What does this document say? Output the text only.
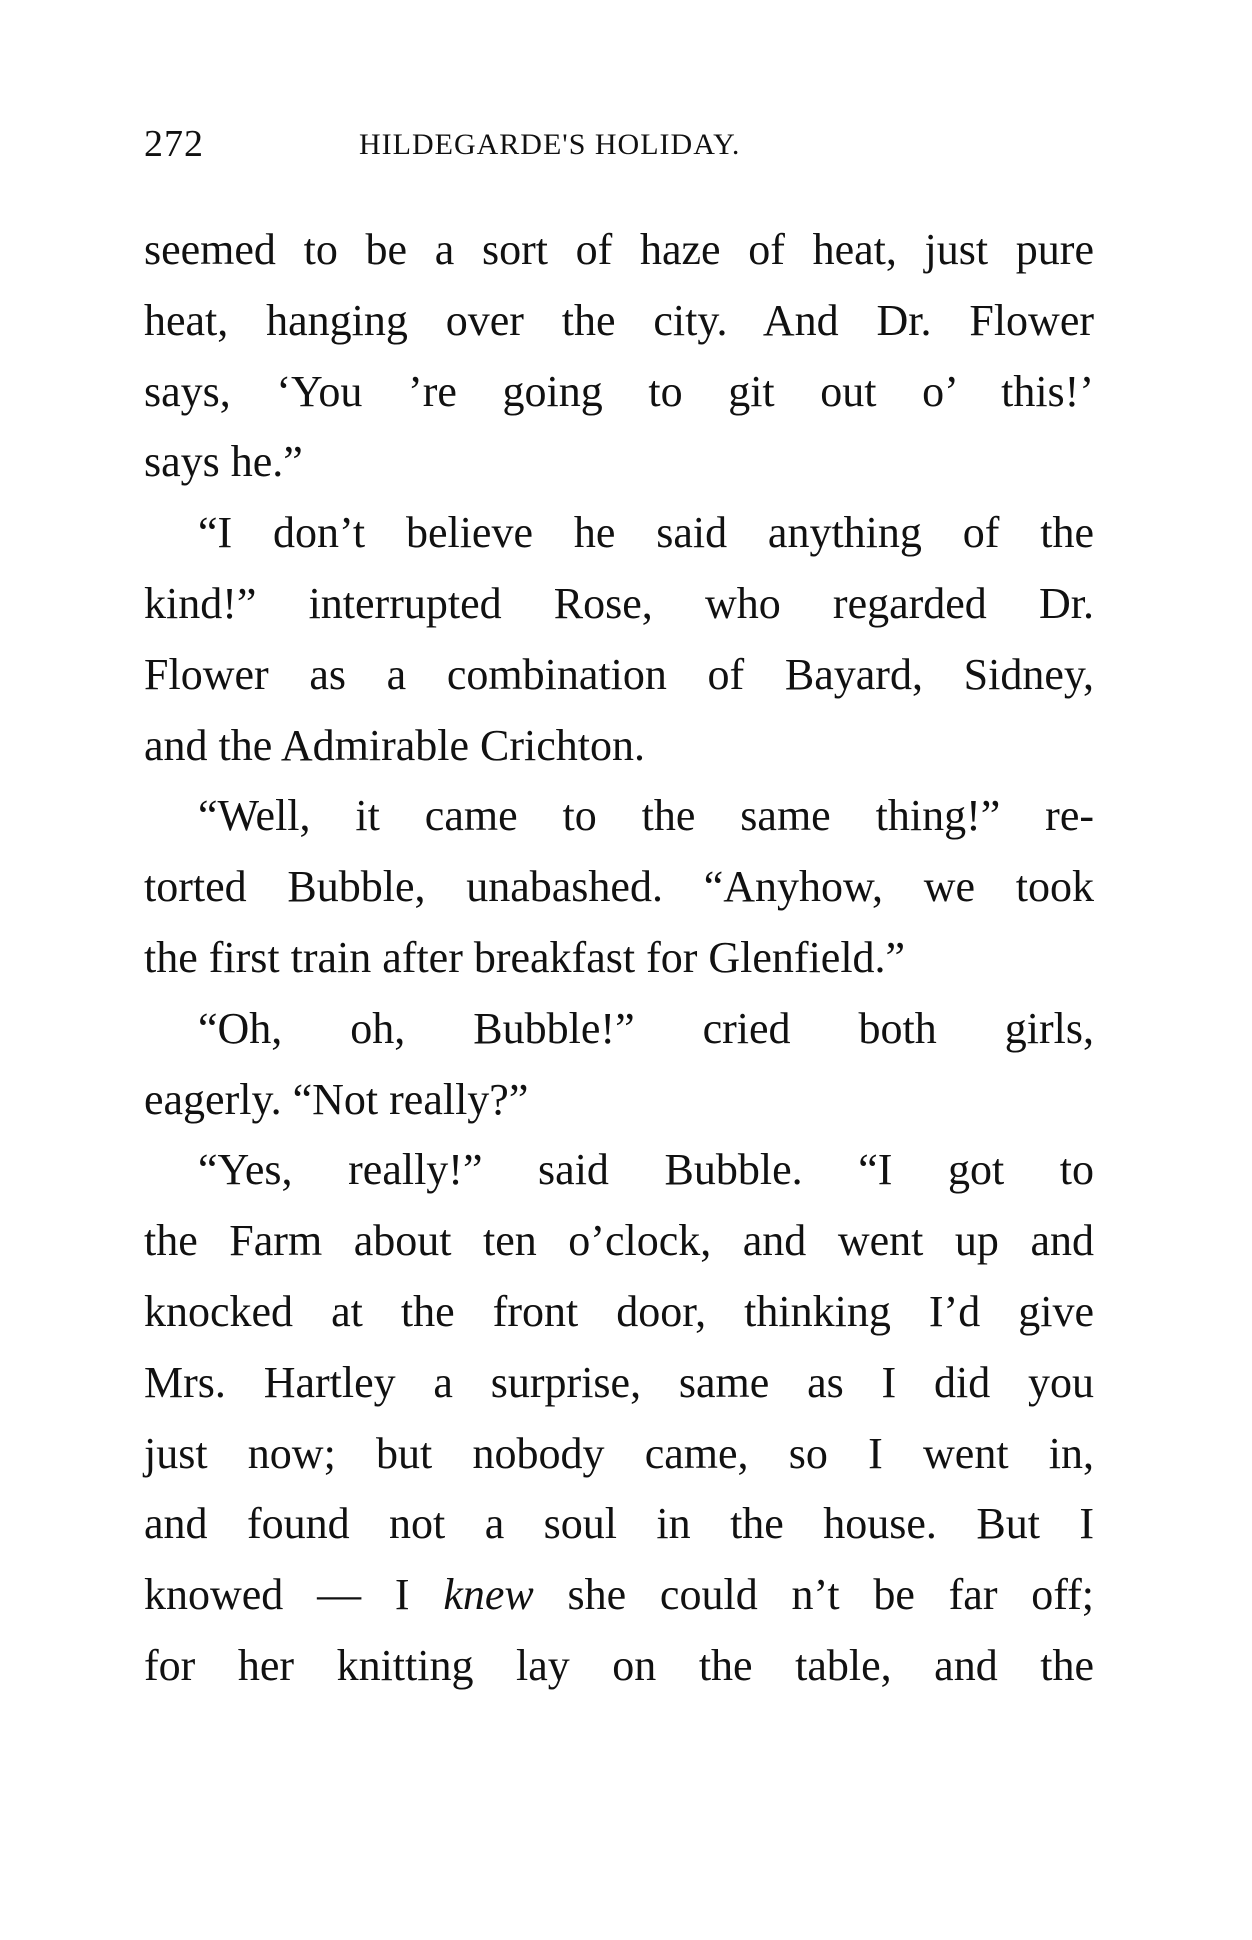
272	HILDEGARDE'S HOLIDAY.
seemed to be a sort of haze of heat, just pure
heat, hanging over the city. And Dr. Flower
says, ‘You ’re going to git out o’ this!’
says he.”
“I don’t believe he said anything of the
kind!” interrupted Rose, who regarded Dr.
Flower as a combination of Bayard, Sidney,
and the Admirable Crichton.
“Well, it came to the same thing!” re-
torted Bubble, unabashed. “Anyhow, we took
the first train after breakfast for Glenfield.”
“Oh, oh, Bubble!” cried both girls,
eagerly. “Not really?”
“Yes, really!” said Bubble. “I got to
the Farm about ten o’clock, and went up and
knocked at the front door, thinking I’d give
Mrs. Hartley a surprise, same as I did you
just now; but nobody came, so I went in,
and found not a soul in the house. But I
knowed — I knew she could n’t be far off;
for her knitting lay on the table, and the
